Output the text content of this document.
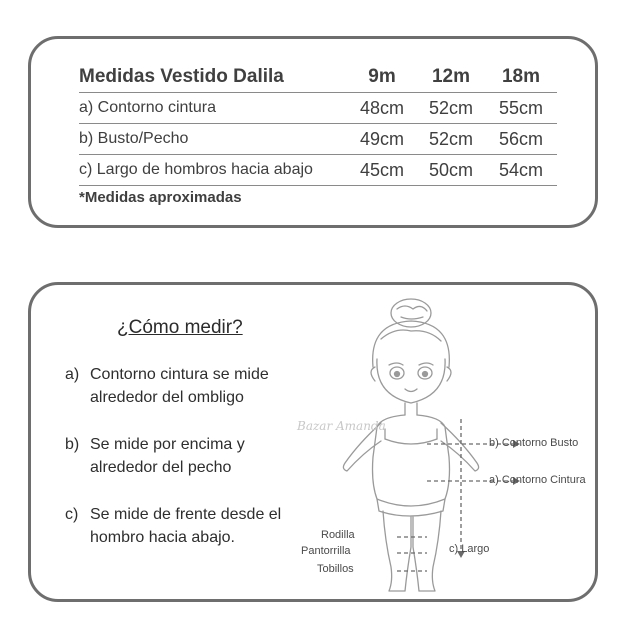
Medidas Vestido Dalila	9m	12m	18m
a) Contorno cintura	48cm	52cm	55cm
b) Busto/Pecho	49cm	52cm	56cm
c) Largo de hombros hacia abajo	45cm	50cm	54cm
*Medidas aproximadas
¿Cómo medir?
a) Contorno cintura se mide alrededor del ombligo
b) Se mide por encima y alrededor del pecho
c) Se mide de frente desde el hombro hacia abajo.
Bazar Amanda
b) Contorno Busto
a) Contorno Cintura
c) Largo
Rodilla
Pantorrilla
Tobillos
